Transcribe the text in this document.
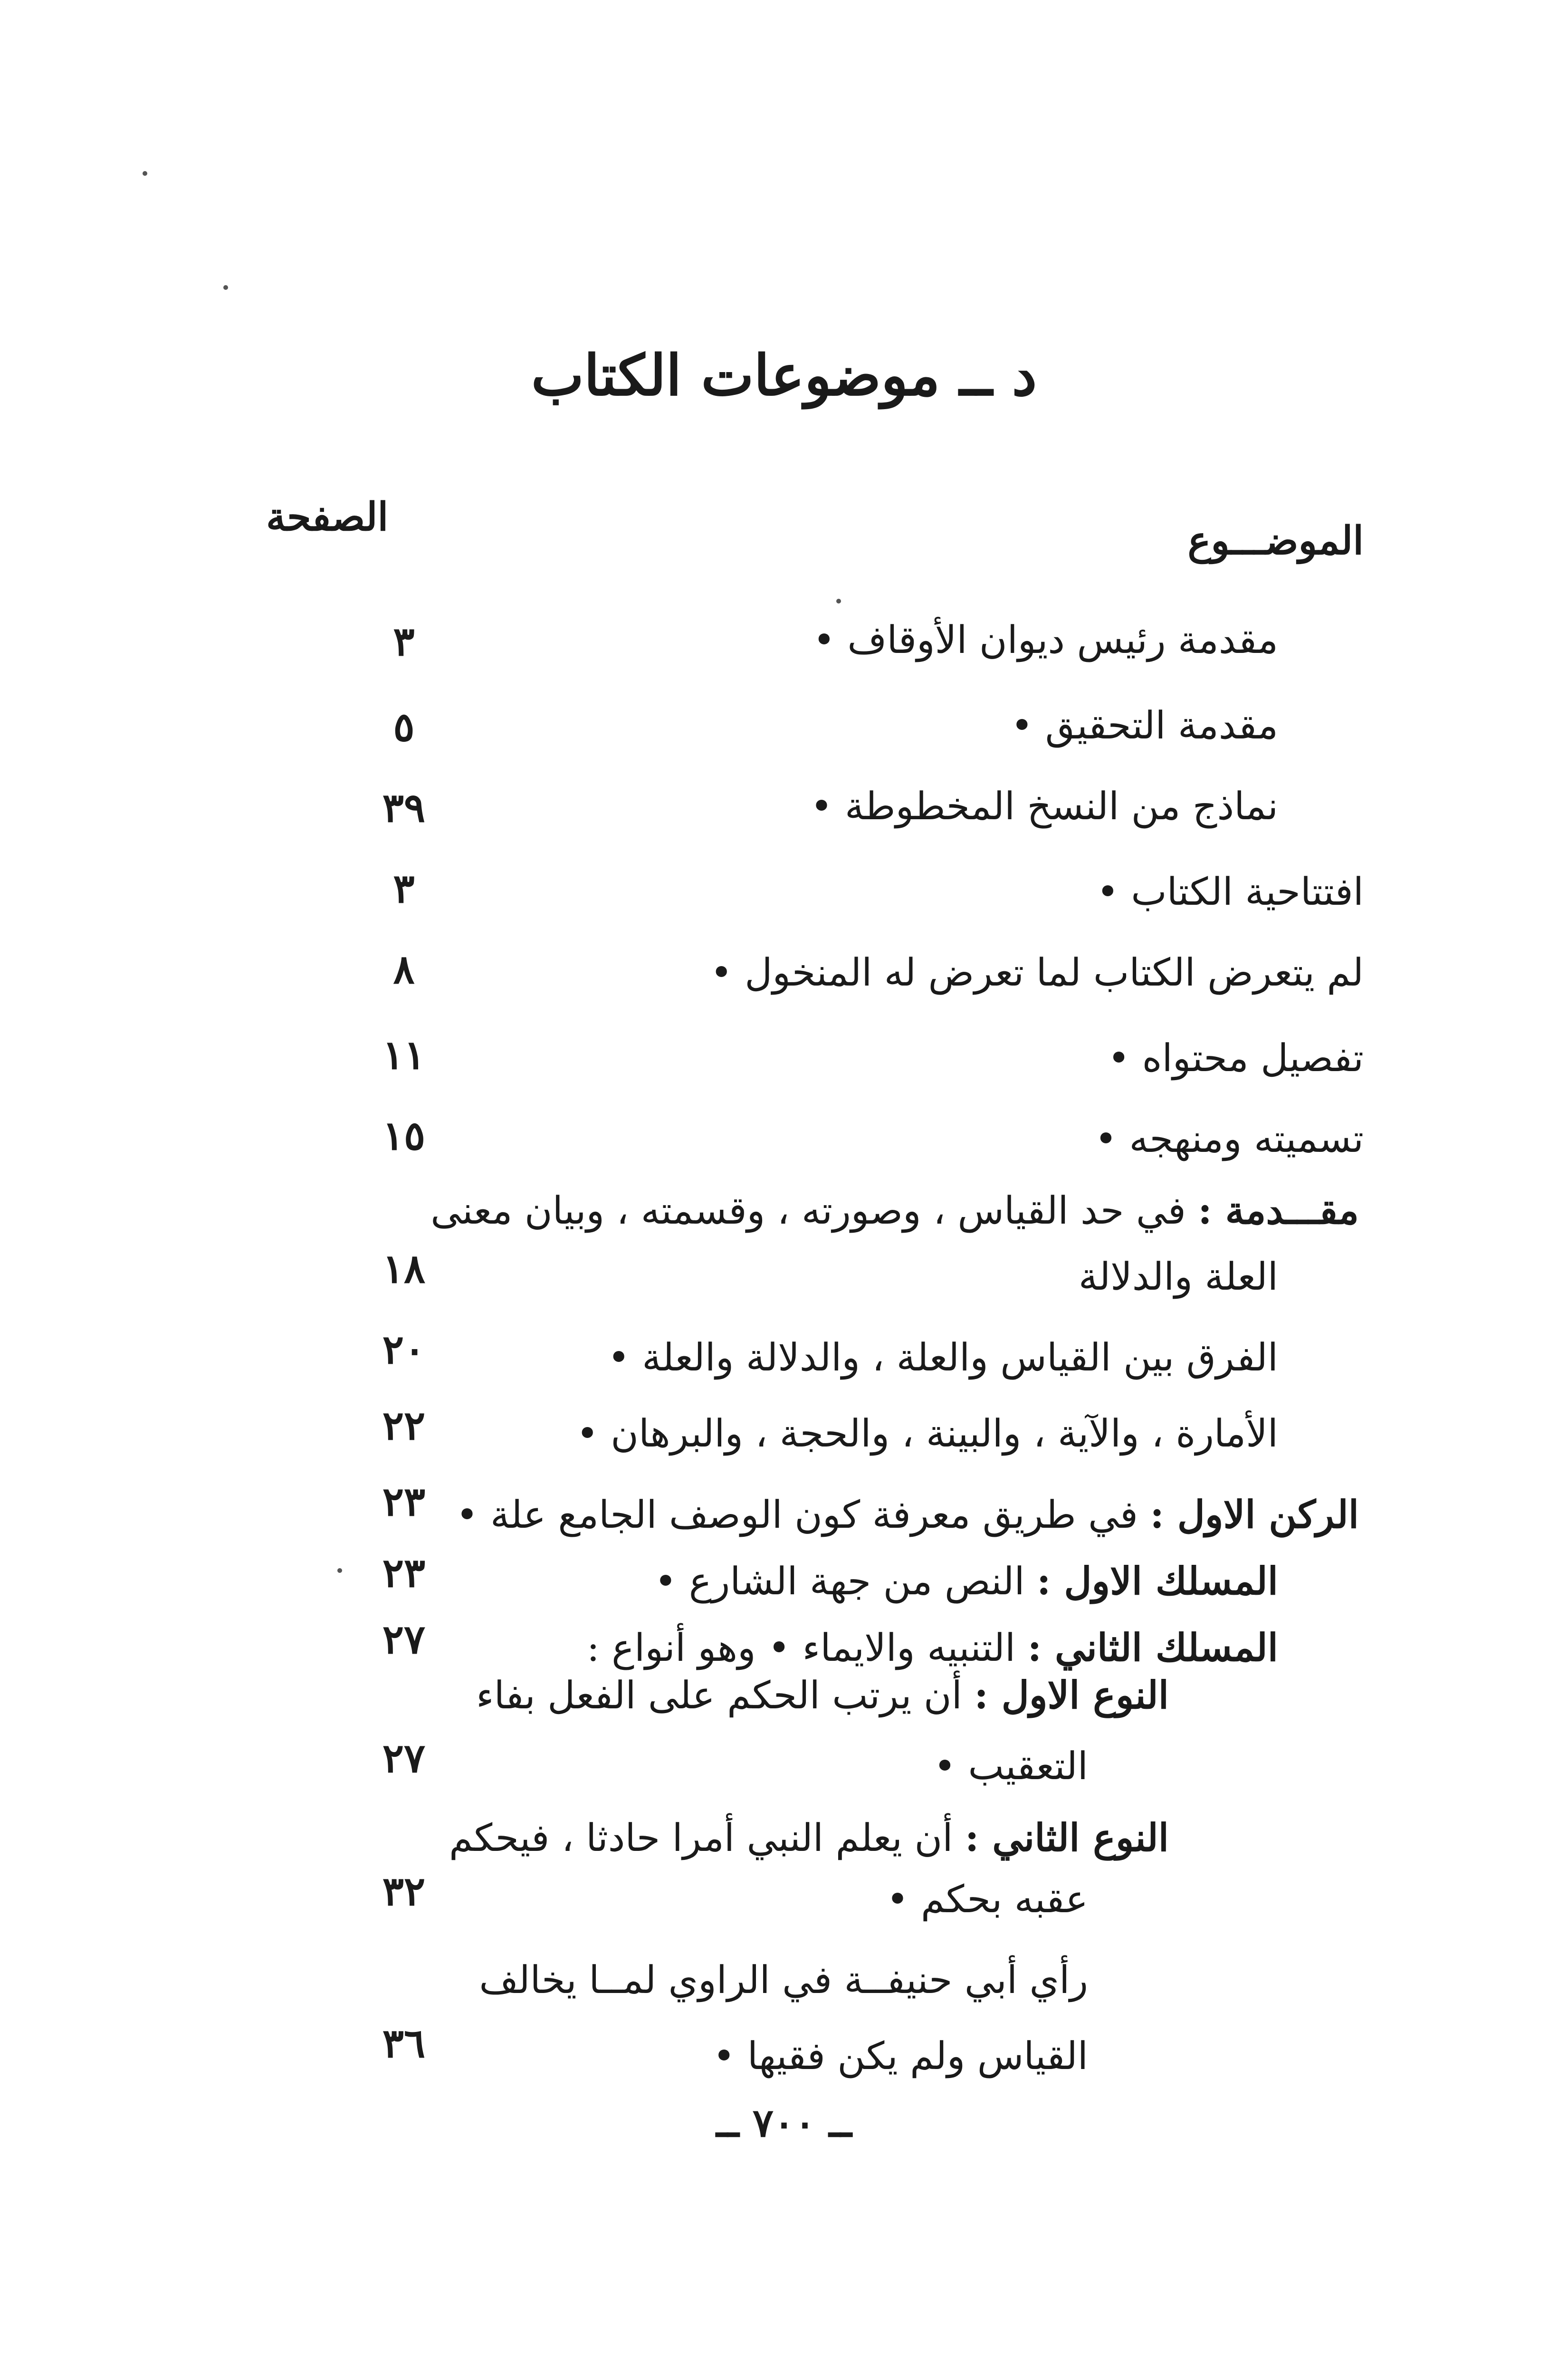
د ــ موضوعات الكتاب
الموضـــوع
الصفحة
مقدمة رئيس ديوان الأوقاف •
٣
مقدمة التحقيق •
٥
نماذج من النسخ المخطوطة •
٣٩
افتتاحية الكتاب •
٣
لم يتعرض الكتاب لما تعرض له المنخول •
٨
تفصيل محتواه •
١١
تسميته ومنهجه •
١٥
مقـــدمة : في حد القياس ، وصورته ، وقسمته ، وبيان معنى
العلة والدلالة
١٨
الفرق بين القياس والعلة ، والدلالة والعلة •
٢٠
الأمارة ، والآية ، والبينة ، والحجة ، والبرهان •
٢٢
الركن الاول : في طريق معرفة كون الوصف الجامع علة •
٢٣
المسلك الاول : النص من جهة الشارع •
٢٣
المسلك الثاني : التنبيه والايماء • وهو أنواع :
٢٧
النوع الاول : أن يرتب الحكم على الفعل بفاء
التعقيب •
٢٧
النوع الثاني : أن يعلم النبي أمرا حادثا ، فيحكم
عقبه بحكم •
٣٢
رأي أبي حنيفــة في الراوي لمــا يخالف
القياس ولم يكن فقيها •
٣٦
ــ ٧٠٠ ــ
